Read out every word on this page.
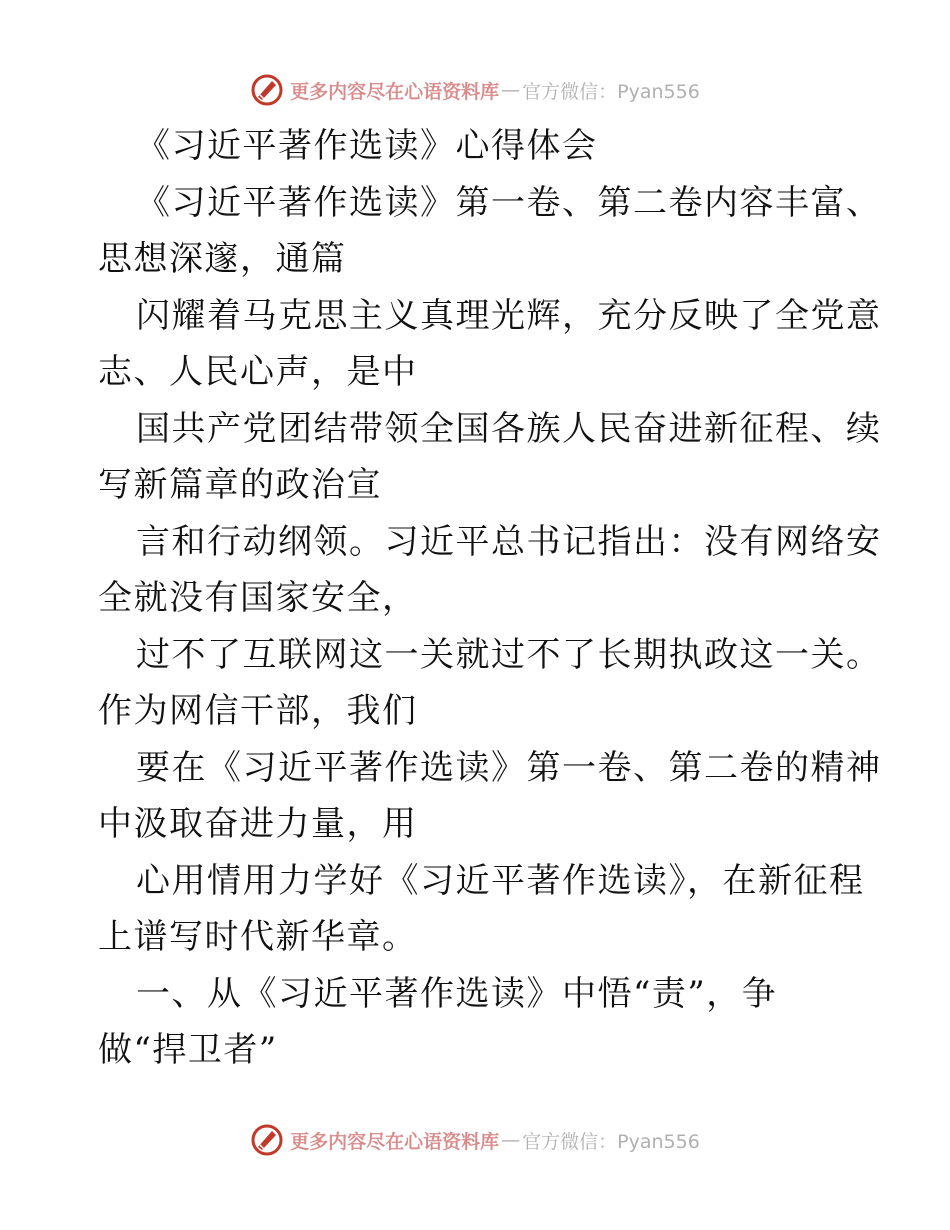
更多内容尽在心语资料库 — 官方微信：Pyan556
《习近平著作选读》心得体会
《习近平著作选读》第一卷、第二卷内容丰富、
思想深邃，通篇
闪耀着马克思主义真理光辉，充分反映了全党意
志、人民心声，是中
国共产党团结带领全国各族人民奋进新征程、续
写新篇章的政治宣
言和行动纲领。习近平总书记指出：没有网络安
全就没有国家安全，
过不了互联网这一关就过不了长期执政这一关。
作为网信干部，我们
要在《习近平著作选读》第一卷、第二卷的精神
中汲取奋进力量，用
心用情用力学好《习近平著作选读》，在新征程
上谱写时代新华章。
一、从《习近平著作选读》中悟“责”，争
做“捍卫者”
更多内容尽在心语资料库 — 官方微信：Pyan556
